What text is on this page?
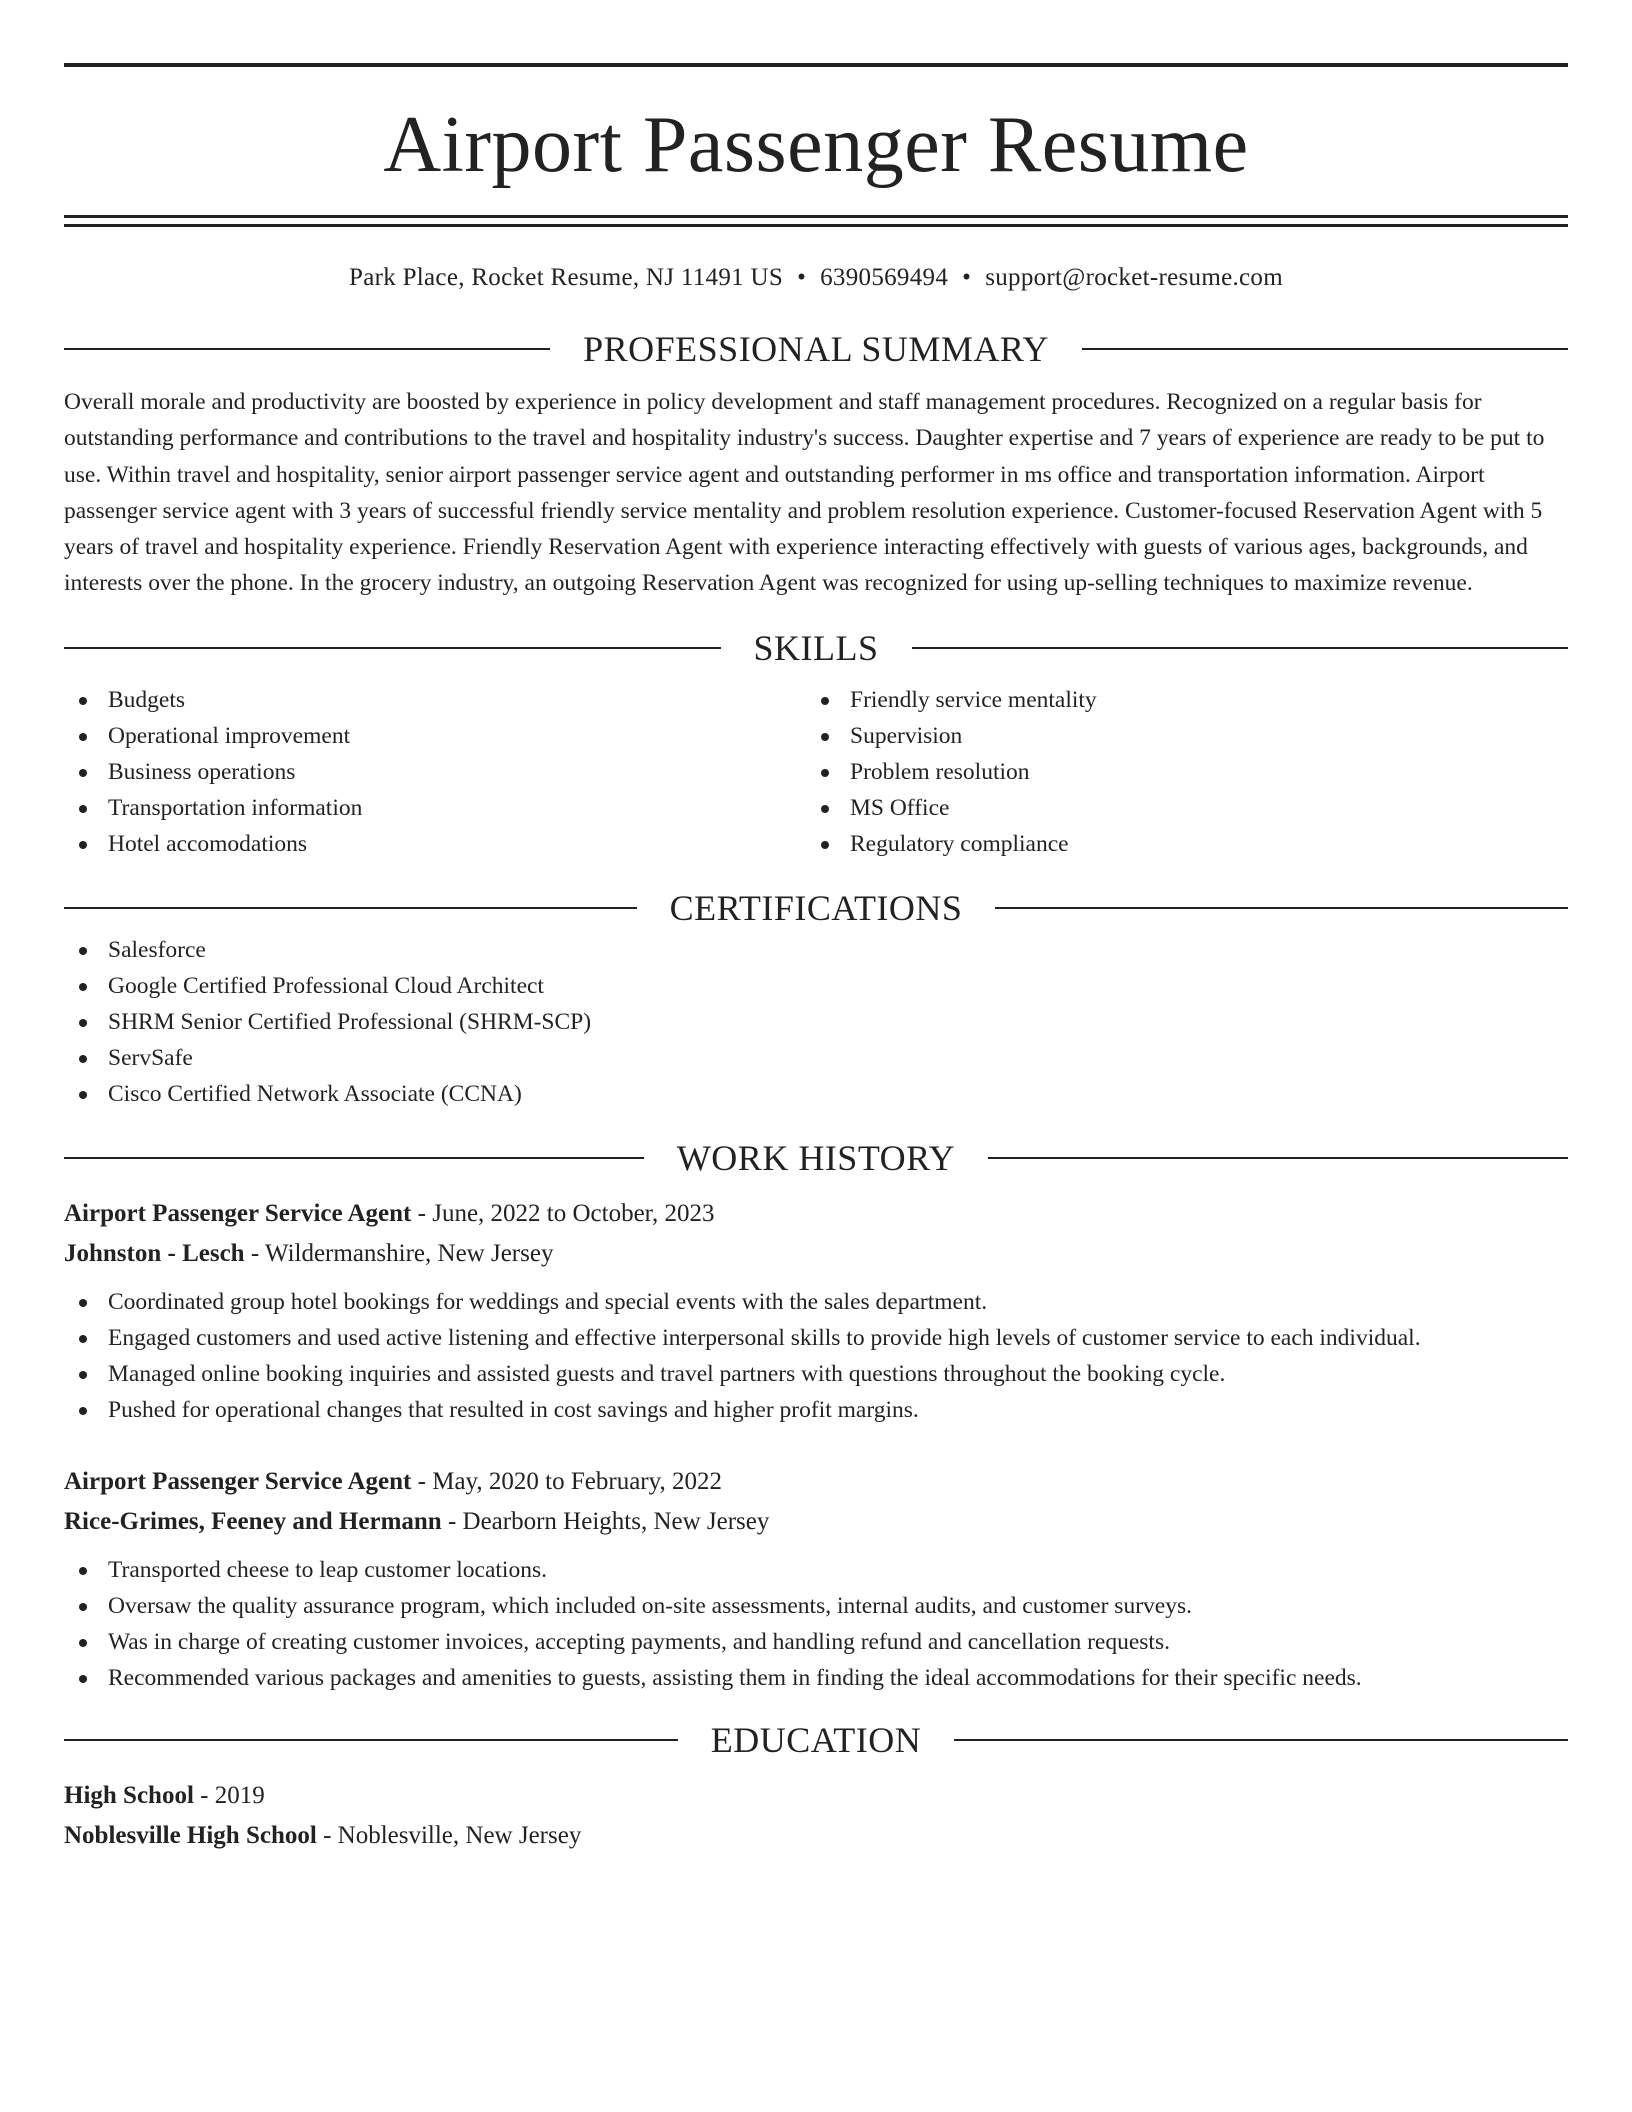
Airport Passenger Resume
Park Place, Rocket Resume, NJ 11491 US • 6390569494 • support@rocket-resume.com
PROFESSIONAL SUMMARY
Overall morale and productivity are boosted by experience in policy development and staff management procedures. Recognized on a regular basis for outstanding performance and contributions to the travel and hospitality industry's success. Daughter expertise and 7 years of experience are ready to be put to use. Within travel and hospitality, senior airport passenger service agent and outstanding performer in ms office and transportation information. Airport passenger service agent with 3 years of successful friendly service mentality and problem resolution experience. Customer-focused Reservation Agent with 5 years of travel and hospitality experience. Friendly Reservation Agent with experience interacting effectively with guests of various ages, backgrounds, and interests over the phone. In the grocery industry, an outgoing Reservation Agent was recognized for using up-selling techniques to maximize revenue.
SKILLS
Budgets
Operational improvement
Business operations
Transportation information
Hotel accomodations
Friendly service mentality
Supervision
Problem resolution
MS Office
Regulatory compliance
CERTIFICATIONS
Salesforce
Google Certified Professional Cloud Architect
SHRM Senior Certified Professional (SHRM-SCP)
ServSafe
Cisco Certified Network Associate (CCNA)
WORK HISTORY
Airport Passenger Service Agent - June, 2022 to October, 2023
Johnston - Lesch - Wildermanshire, New Jersey
Coordinated group hotel bookings for weddings and special events with the sales department.
Engaged customers and used active listening and effective interpersonal skills to provide high levels of customer service to each individual.
Managed online booking inquiries and assisted guests and travel partners with questions throughout the booking cycle.
Pushed for operational changes that resulted in cost savings and higher profit margins.
Airport Passenger Service Agent - May, 2020 to February, 2022
Rice-Grimes, Feeney and Hermann - Dearborn Heights, New Jersey
Transported cheese to leap customer locations.
Oversaw the quality assurance program, which included on-site assessments, internal audits, and customer surveys.
Was in charge of creating customer invoices, accepting payments, and handling refund and cancellation requests.
Recommended various packages and amenities to guests, assisting them in finding the ideal accommodations for their specific needs.
EDUCATION
High School - 2019
Noblesville High School - Noblesville, New Jersey
